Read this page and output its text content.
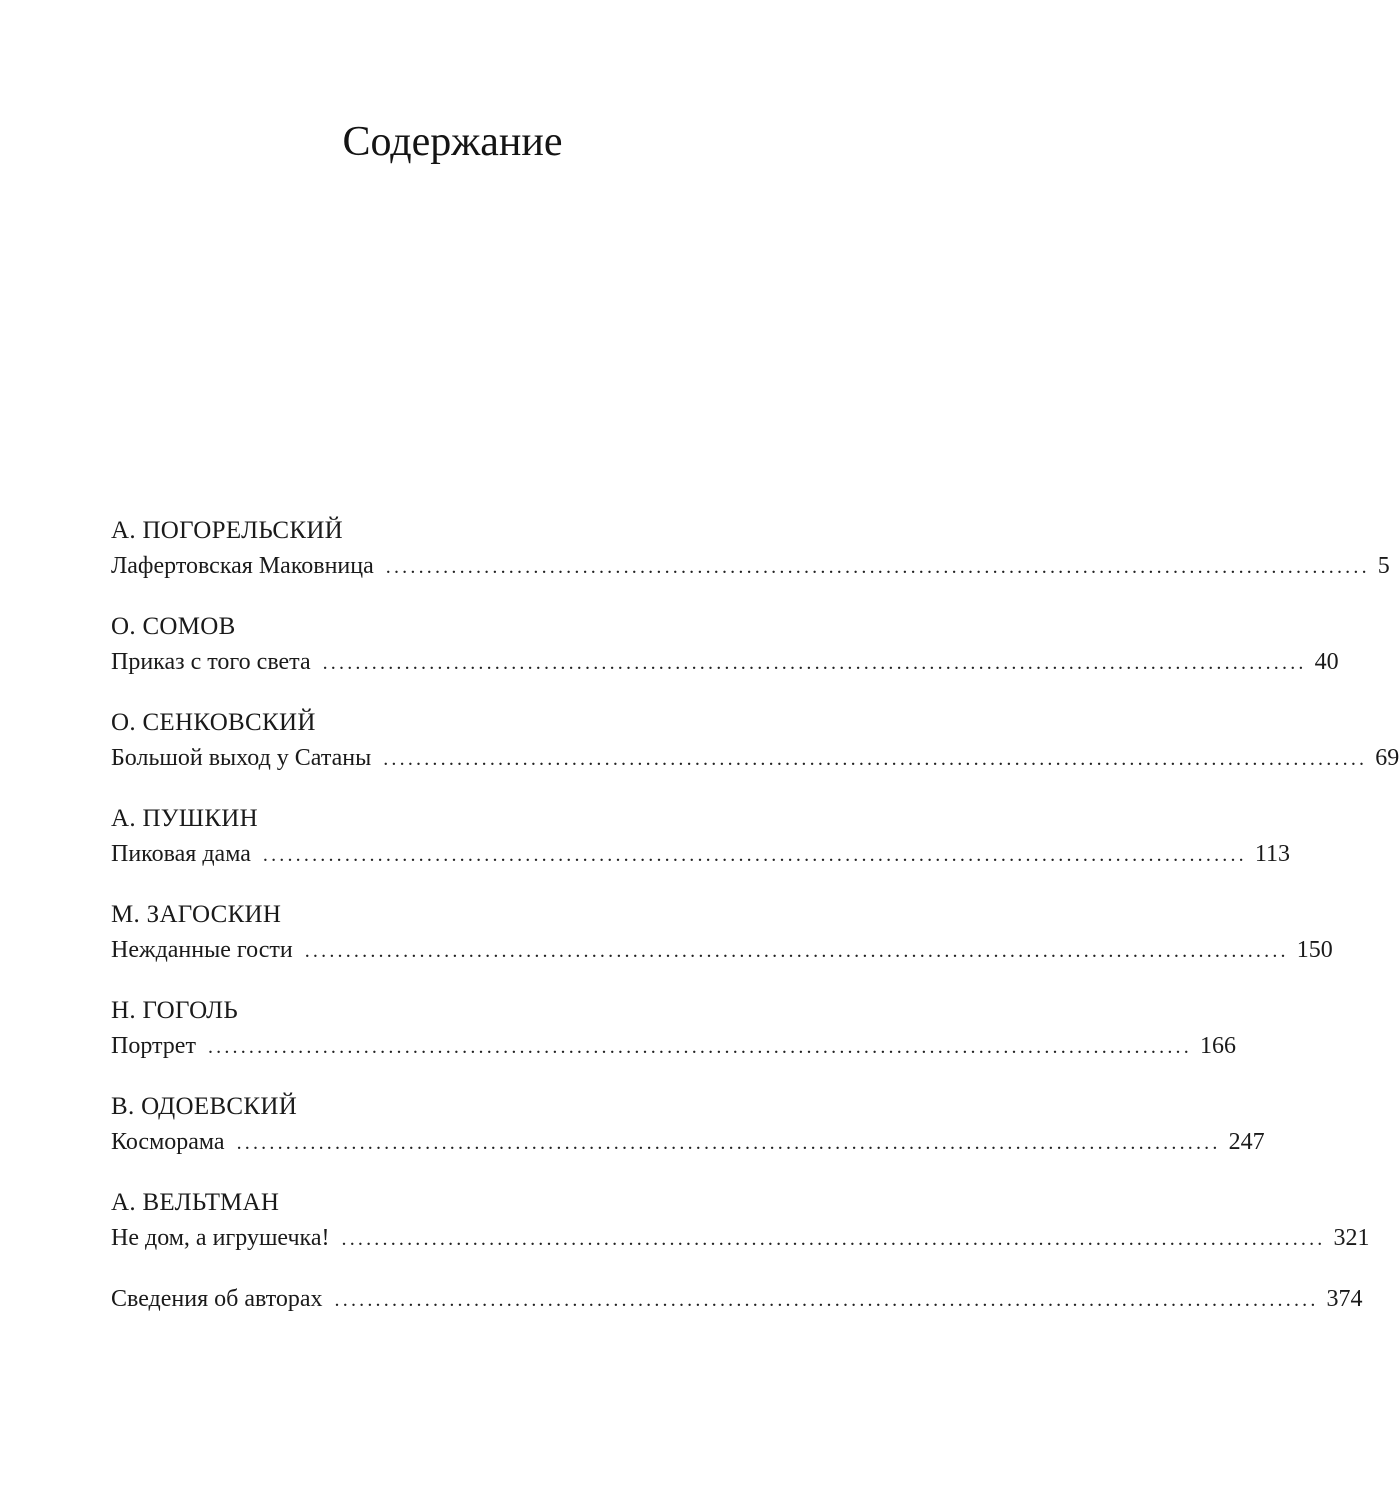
Содержание
А. ПОГОРЕЛЬСКИЙ
Лафертовская Маковница ........................................................................................................................ 5
О. СОМОВ
Приказ с того света ........................................................................................................................ 40
О. СЕНКОВСКИЙ
Большой выход у Сатаны ........................................................................................................................ 69
А. ПУШКИН
Пиковая дама ........................................................................................................................ 113
М. ЗАГОСКИН
Нежданные гости ........................................................................................................................ 150
Н. ГОГОЛЬ
Портрет ........................................................................................................................ 166
В. ОДОЕВСКИЙ
Косморама ........................................................................................................................ 247
А. ВЕЛЬТМАН
Не дом, а игрушечка! ........................................................................................................................ 321
Сведения об авторах ........................................................................................................................ 374
